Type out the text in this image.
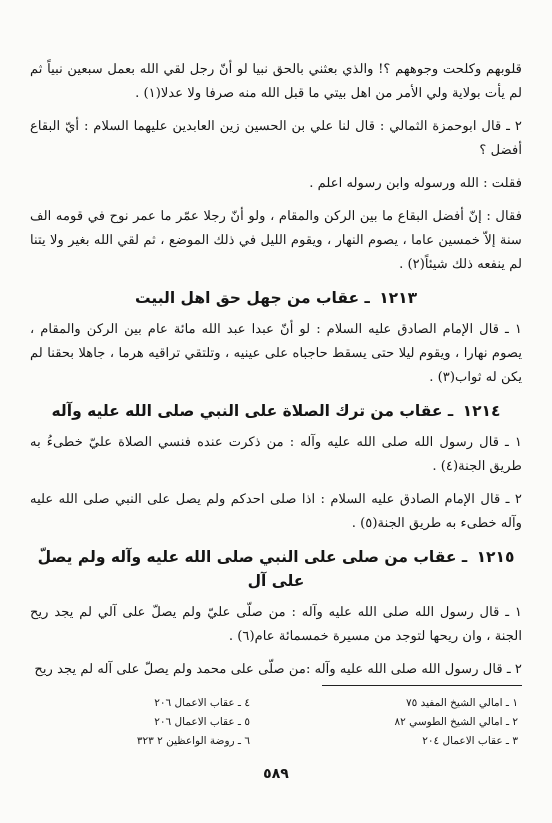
قلوبهم وكلحت وجوههم ؟! والذي بعثني بالحق نبيا لو أنّ رجل لقي الله بعمل سبعين نبياً ثم لم يأت بولاية ولي الأمر من اهل بيتي ما قبل الله منه صرفا ولا عدلا(١) .

٢ ـ قال ابوحمزة الثمالي : قال لنا علي بن الحسين زين العابدين عليهما السلام : أيّ البقاع أفضل ؟

فقلت : الله ورسوله وابن رسوله اعلم .

فقال : إنّ أفضل البقاع ما بين الركن والمقام ، ولو أنّ رجلا عمّر ما عمر نوح في قومه الف سنة إلاّ خمسين عاما ، يصوم النهار ، ويقوم الليل في ذلك الموضع ، ثم لقي الله بغير ولا يتنا لم ينفعه ذلك شيئاً(٢) .

١٢١٣ ـ عقاب من جهل حق اهل البيت

١ ـ قال الإمام الصادق عليه السلام : لو أنّ عبدا عبد الله مائة عام بين الركن والمقام ، يصوم نهارا ، ويقوم ليلا حتى يسقط حاجباه على عينيه ، وتلتقي تراقيه هرما ، جاهلا بحقنا لم يكن له ثواب(٣) .

١٢١٤ ـ عقاب من ترك الصلاة على النبي صلى الله عليه وآله

١ ـ قال رسول الله صلى الله عليه وآله : من ذكرت عنده فنسي الصلاة عليّ خطىءُ به طريق الجنة(٤) .

٢ ـ قال الإمام الصادق عليه السلام : اذا صلى احدكم ولم يصل على النبي صلى الله عليه وآله خطىء به طريق الجنة(٥) .

١٢١٥ ـ عقاب من صلى على النبي صلى الله عليه وآله ولم يصلّ على آل

١ ـ قال رسول الله صلى الله عليه وآله : من صلّى عليّ ولم يصلّ على آلي لم يجد ريح الجنة ، وان ريحها لتوجد من مسيرة خمسمائة عام(٦) .

٢ ـ قال رسول الله صلى الله عليه وآله :من صلّى على محمد ولم يصلّ على آله لم يجد ريح

١ ـ امالي الشيخ المفيد ٧٥
٢ ـ امالي الشيخ الطوسي ٨٢
٣ ـ عقاب الاعمال ٢٠٤
٤ ـ عقاب الاعمال ٢٠٦
٥ ـ عقاب الاعمال ٢٠٦
٦ ـ روضة الواعظين ٢ ٣٢٣
٥٨٩
